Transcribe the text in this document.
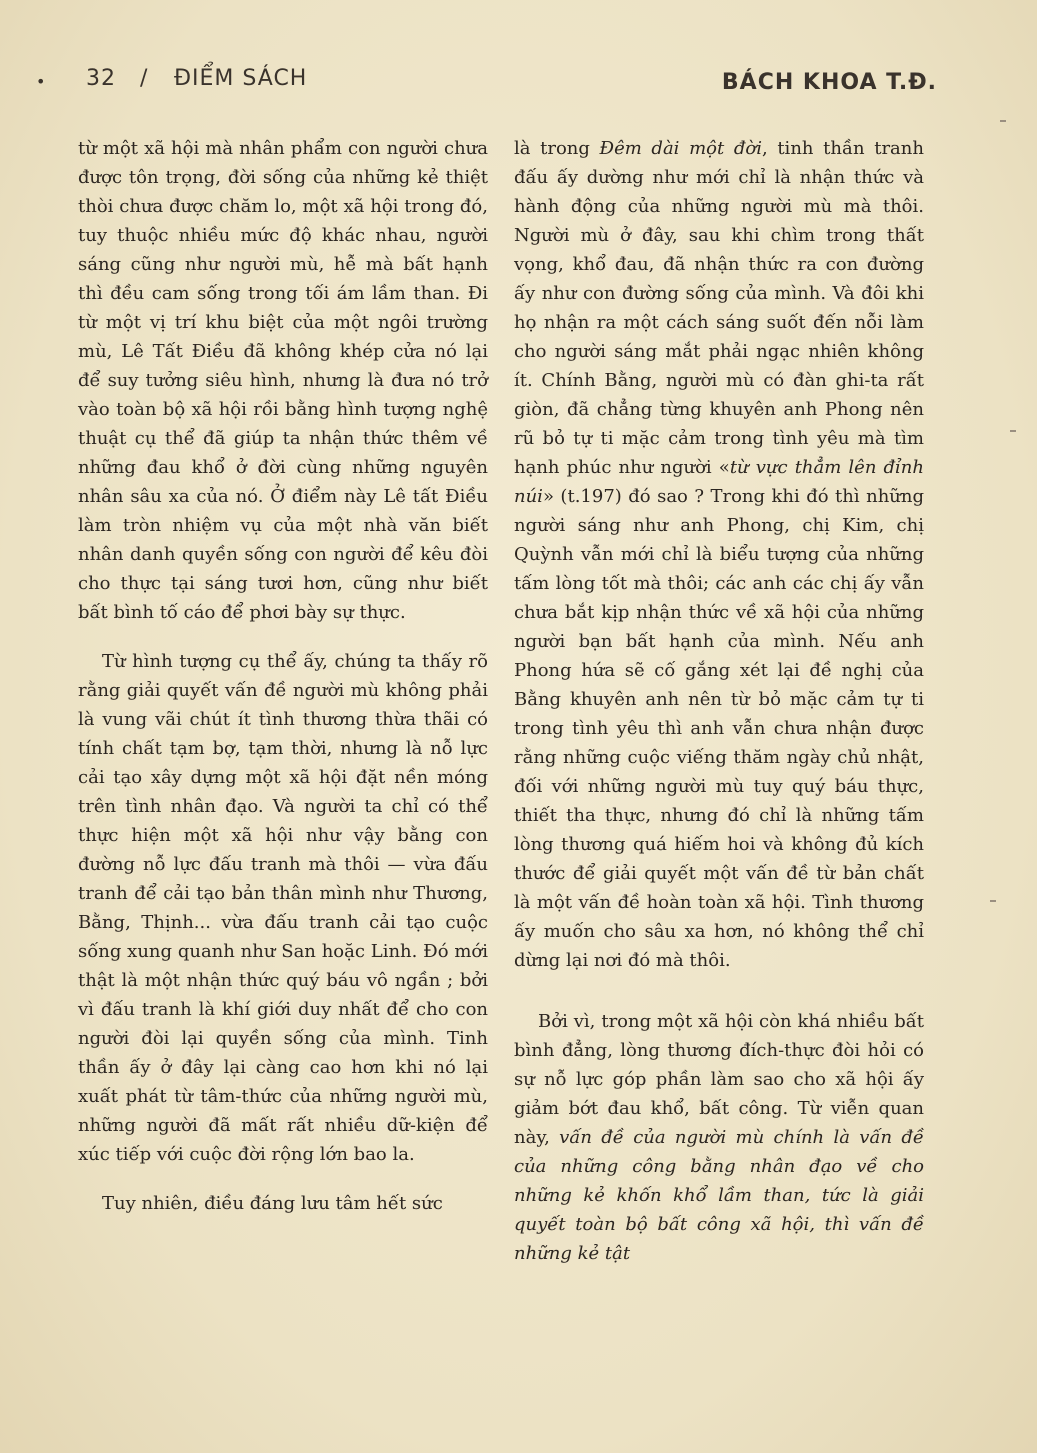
• 32 / ĐIỂM SÁCH	BÁCH KHOA T.Đ.

từ một xã hội mà nhân phẩm con người chưa được tôn trọng, đời sống của những kẻ thiệt thòi chưa được chăm lo, một xã hội trong đó, tuy thuộc nhiều mức độ khác nhau, người sáng cũng như người mù, hễ mà bất hạnh thì đều cam sống trong tối ám lầm than. Đi từ một vị trí khu biệt của một ngôi trường mù, Lê Tất Điều đã không khép cửa nó lại để suy tưởng siêu hình, nhưng là đưa nó trở vào toàn bộ xã hội rồi bằng hình tượng nghệ thuật cụ thể đã giúp ta nhận thức thêm về những đau khổ ở đời cùng những nguyên nhân sâu xa của nó. Ở điểm này Lê tất Điều làm tròn nhiệm vụ của một nhà văn biết nhân danh quyền sống con người để kêu đòi cho thực tại sáng tươi hơn, cũng như biết bất bình tố cáo để phơi bày sự thực.

Từ hình tượng cụ thể ấy, chúng ta thấy rõ rằng giải quyết vấn đề người mù không phải là vung vãi chút ít tình thương thừa thãi có tính chất tạm bợ, tạm thời, nhưng là nỗ lực cải tạo xây dựng một xã hội đặt nền móng trên tình nhân đạo. Và người ta chỉ có thể thực hiện một xã hội như vậy bằng con đường nỗ lực đấu tranh mà thôi — vừa đấu tranh để cải tạo bản thân mình như Thương, Bằng, Thịnh... vừa đấu tranh cải tạo cuộc sống xung quanh như San hoặc Linh. Đó mới thật là một nhận thức quý báu vô ngần ; bởi vì đấu tranh là khí giới duy nhất để cho con người đòi lại quyền sống của mình. Tinh thần ấy ở đây lại càng cao hơn khi nó lại xuất phát từ tâm-thức của những người mù, những người đã mất rất nhiều dữ-kiện để xúc tiếp với cuộc đời rộng lớn bao la.

Tuy nhiên, điều đáng lưu tâm hết sức

là trong Đêm dài một đời, tinh thần tranh đấu ấy dường như mới chỉ là nhận thức và hành động của những người mù mà thôi. Người mù ở đây, sau khi chìm trong thất vọng, khổ đau, đã nhận thức ra con đường ấy như con đường sống của mình. Và đôi khi họ nhận ra một cách sáng suốt đến nỗi làm cho người sáng mắt phải ngạc nhiên không ít. Chính Bằng, người mù có đàn ghi-ta rất giòn, đã chẳng từng khuyên anh Phong nên rũ bỏ tự ti mặc cảm trong tình yêu mà tìm hạnh phúc như người «từ vực thẳm lên đỉnh núi» (t.197) đó sao ? Trong khi đó thì những người sáng như anh Phong, chị Kim, chị Quỳnh vẫn mới chỉ là biểu tượng của những tấm lòng tốt mà thôi; các anh các chị ấy vẫn chưa bắt kịp nhận thức về xã hội của những người bạn bất hạnh của mình. Nếu anh Phong hứa sẽ cố gắng xét lại đề nghị của Bằng khuyên anh nên từ bỏ mặc cảm tự ti trong tình yêu thì anh vẫn chưa nhận được rằng những cuộc viếng thăm ngày chủ nhật, đối với những người mù tuy quý báu thực, thiết tha thực, nhưng đó chỉ là những tấm lòng thương quá hiếm hoi và không đủ kích thước để giải quyết một vấn đề từ bản chất là một vấn đề hoàn toàn xã hội. Tình thương ấy muốn cho sâu xa hơn, nó không thể chỉ dừng lại nơi đó mà thôi.

Bởi vì, trong một xã hội còn khá nhiều bất bình đẳng, lòng thương đích-thực đòi hỏi có sự nỗ lực góp phần làm sao cho xã hội ấy giảm bớt đau khổ, bất công. Từ viễn quan này, vấn đề của người mù chính là vấn đề của những công bằng nhân đạo về cho những kẻ khốn khổ lầm than, tức là giải quyết toàn bộ bất công xã hội, thì vấn đề những kẻ tật
